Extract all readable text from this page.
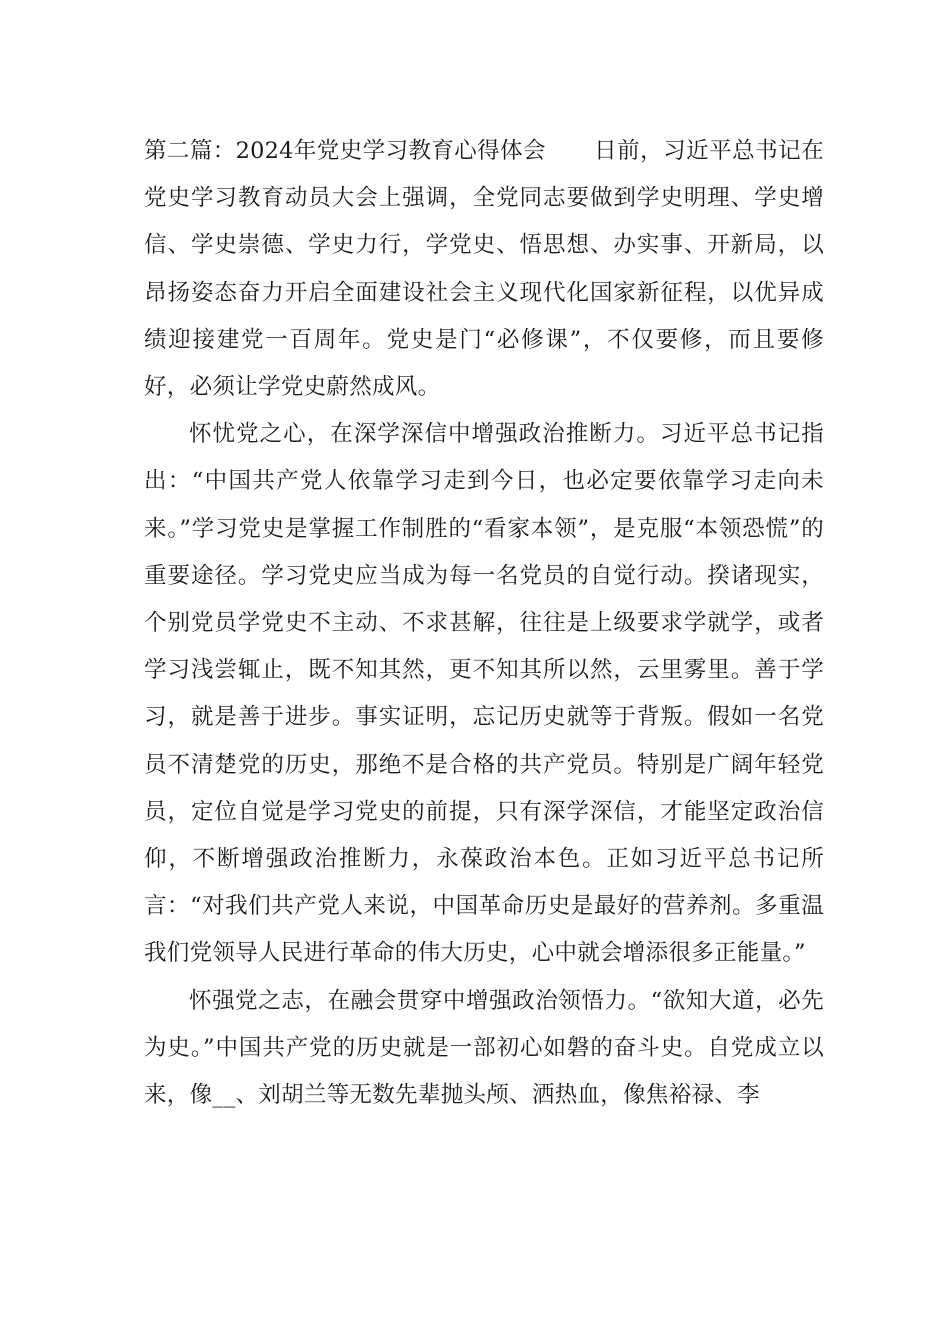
第二篇：2024年党史学习教育心得体会 日前，习近平总书记在党史学习教育动员大会上强调，全党同志要做到学史明理、学史增信、学史崇德、学史力行，学党史、悟思想、办实事、开新局，以昂扬姿态奋力开启全面建设社会主义现代化国家新征程，以优异成绩迎接建党一百周年。党史是门“必修课”，不仅要修，而且要修好，必须让学党史蔚然成风。

怀忧党之心，在深学深信中增强政治推断力。习近平总书记指出：“中国共产党人依靠学习走到今日，也必定要依靠学习走向未来。”学习党史是掌握工作制胜的“看家本领”，是克服“本领恐慌”的重要途径。学习党史应当成为每一名党员的自觉行动。揆诸现实，个别党员学党史不主动、不求甚解，往往是上级要求学就学，或者学习浅尝辄止，既不知其然，更不知其所以然，云里雾里。善于学习，就是善于进步。事实证明，忘记历史就等于背叛。假如一名党员不清楚党的历史，那绝不是合格的共产党员。特别是广阔年轻党员，定位自觉是学习党史的前提，只有深学深信，才能坚定政治信仰，不断增强政治推断力，永葆政治本色。正如习近平总书记所言：“对我们共产党人来说，中国革命历史是最好的营养剂。多重温我们党领导人民进行革命的伟大历史，心中就会增添很多正能量。”

怀强党之志，在融会贯穿中增强政治领悟力。“欲知大道，必先为史。”中国共产党的历史就是一部初心如磐的奋斗史。自党成立以来，像__、刘胡兰等无数先辈抛头颅、洒热血，像焦裕禄、李
